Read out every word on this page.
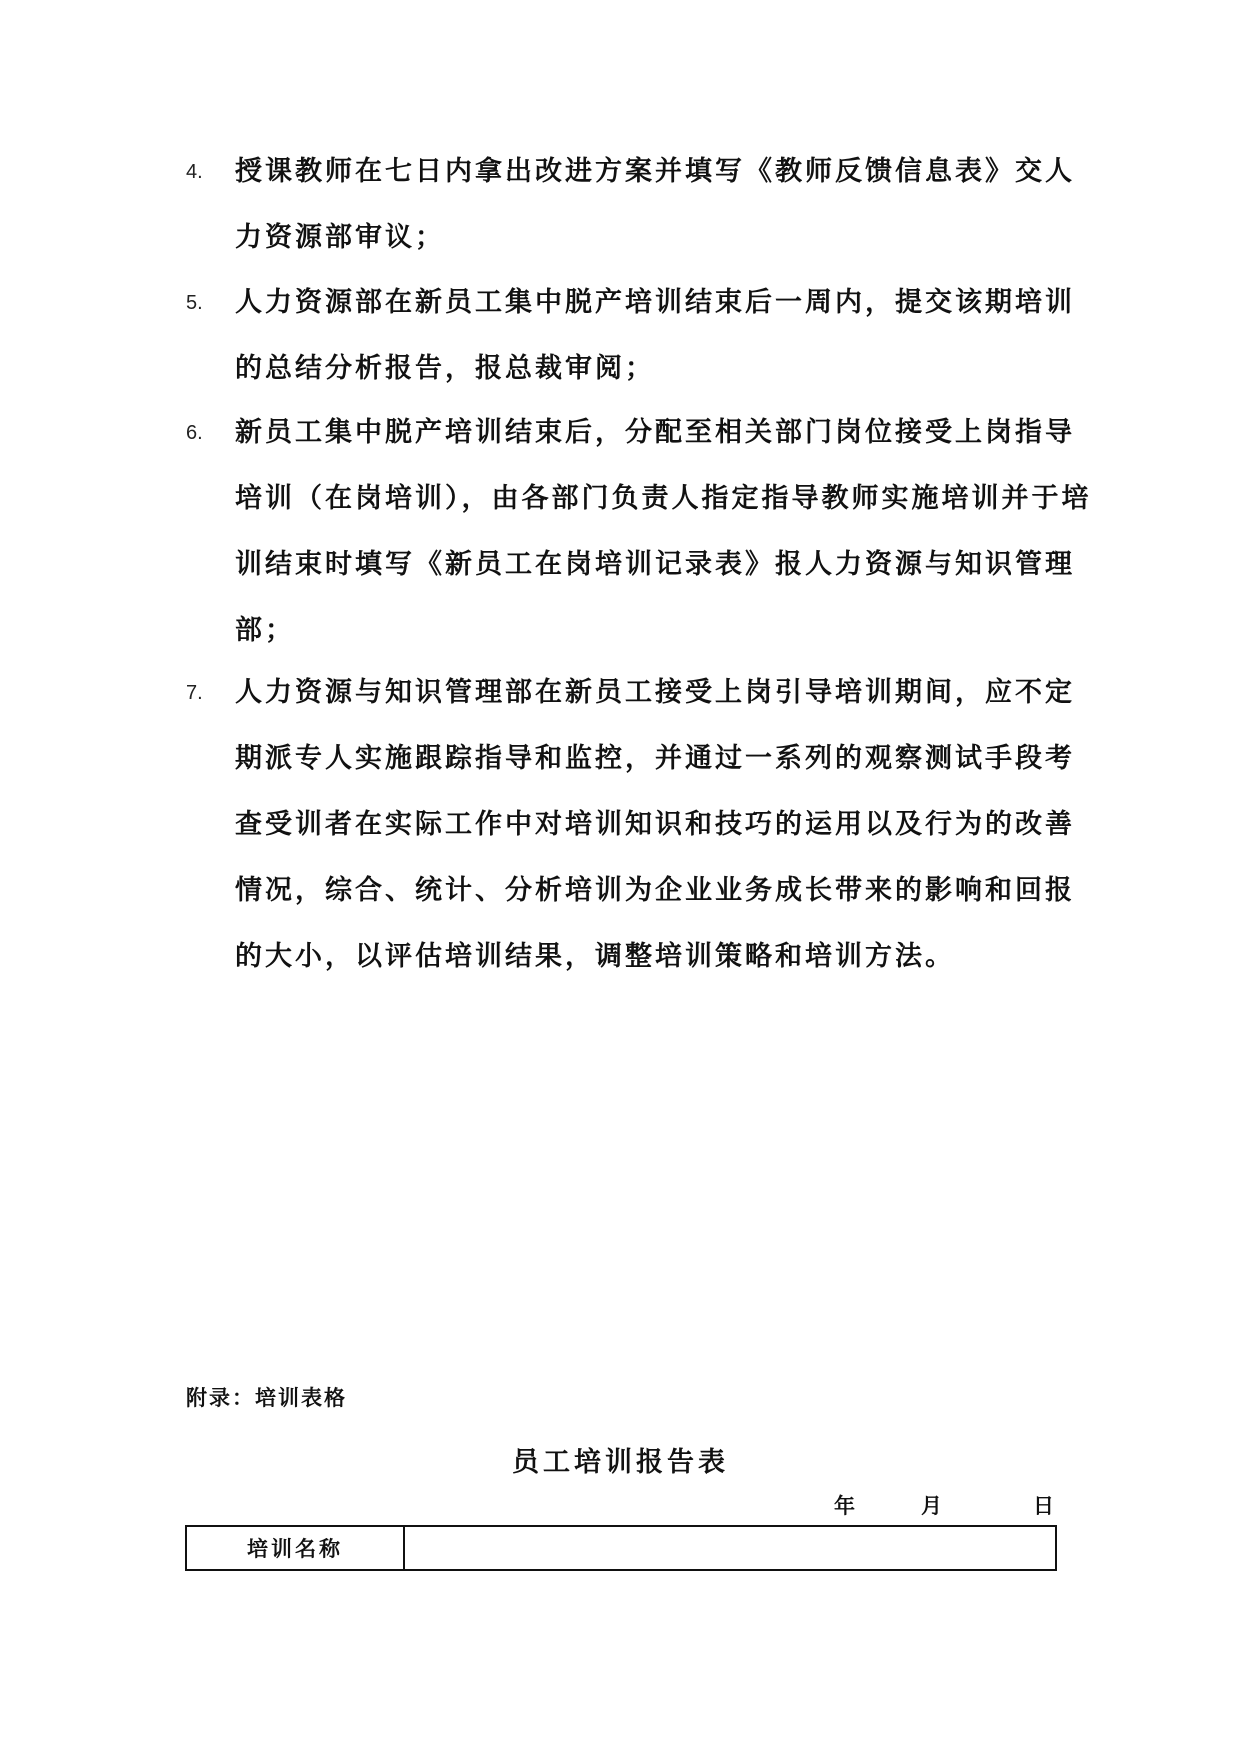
4. 授课教师在七日内拿出改进方案并填写《教师反馈信息表》交人
力资源部审议；
5. 人力资源部在新员工集中脱产培训结束后一周内，提交该期培训
的总结分析报告，报总裁审阅；
6. 新员工集中脱产培训结束后，分配至相关部门岗位接受上岗指导
培训（在岗培训），由各部门负责人指定指导教师实施培训并于培
训结束时填写《新员工在岗培训记录表》报人力资源与知识管理
部；
7. 人力资源与知识管理部在新员工接受上岗引导培训期间，应不定
期派专人实施跟踪指导和监控，并通过一系列的观察测试手段考
查受训者在实际工作中对培训知识和技巧的运用以及行为的改善
情况，综合、统计、分析培训为企业业务成长带来的影响和回报
的大小，以评估培训结果，调整培训策略和培训方法。
附录：培训表格
员工培训报告表
年	月	日
培训名称	
